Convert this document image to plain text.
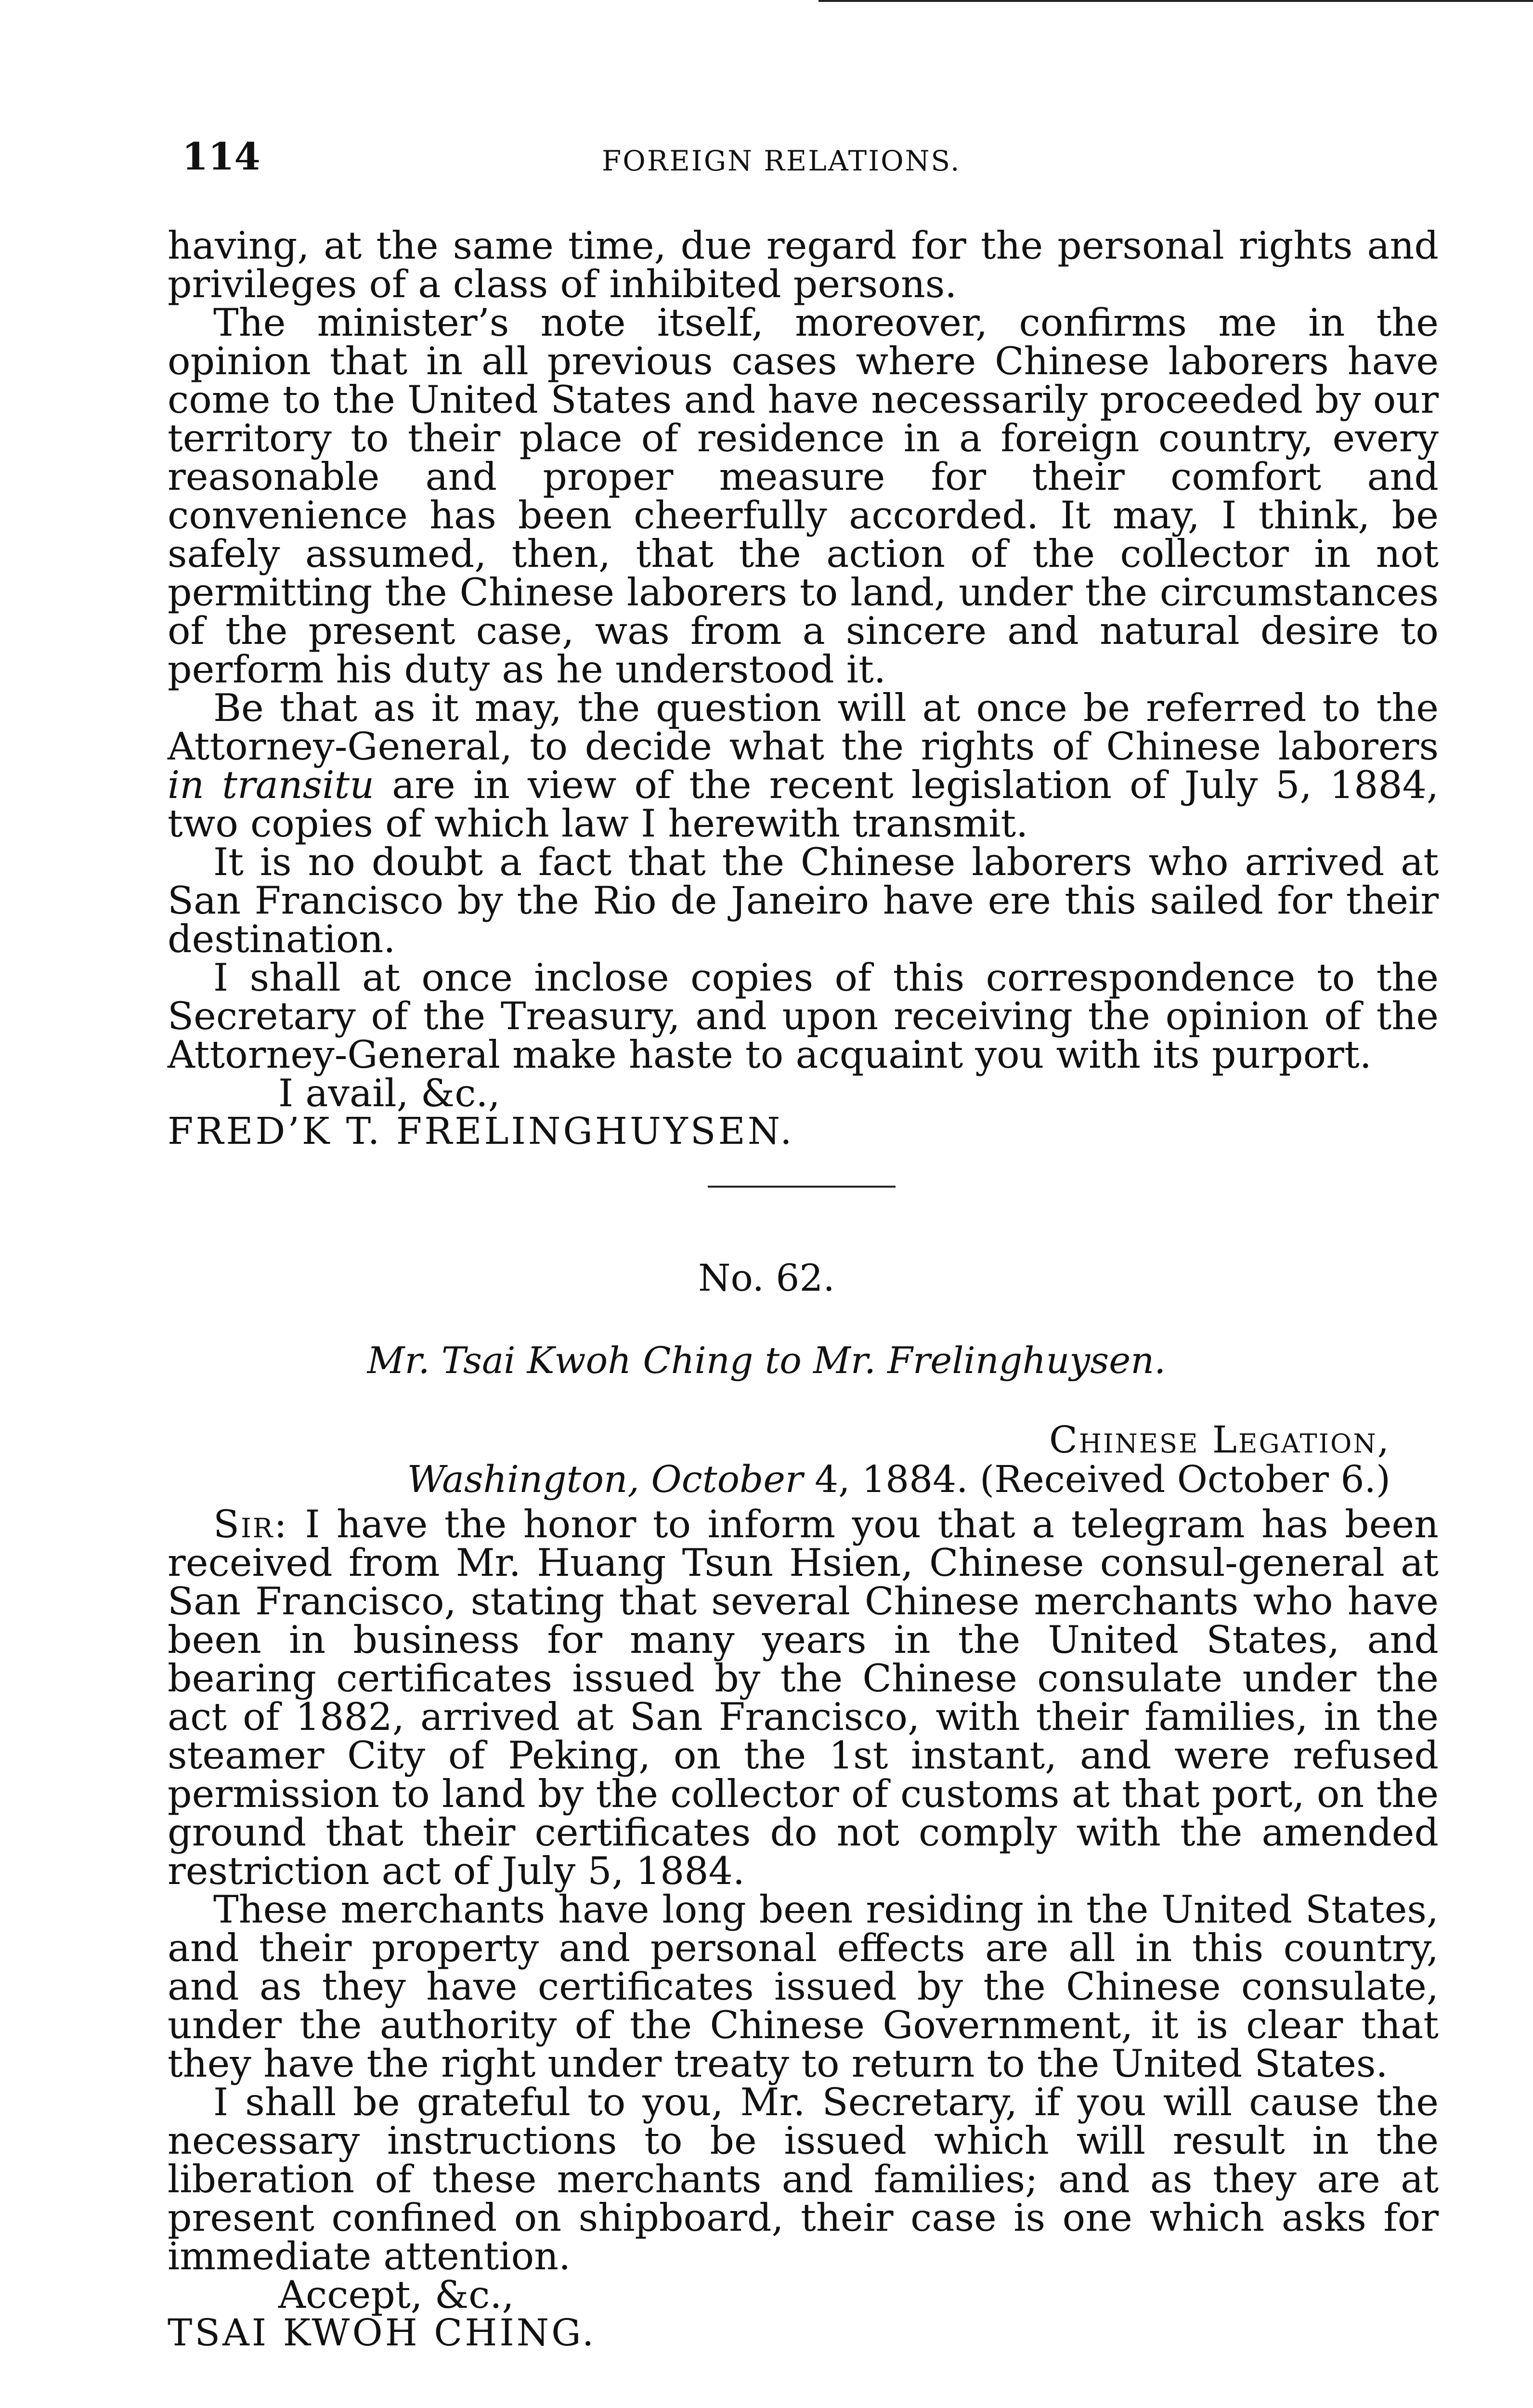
114	FOREIGN RELATIONS.

having, at the same time, due regard for the personal rights and privileges of a class of inhibited persons.

The minister’s note itself, moreover, confirms me in the opinion that in all previous cases where Chinese laborers have come to the United States and have necessarily proceeded by our territory to their place of residence in a foreign country, every reasonable and proper measure for their comfort and convenience has been cheerfully accorded. It may, I think, be safely assumed, then, that the action of the collector in not permitting the Chinese laborers to land, under the circumstances of the present case, was from a sincere and natural desire to perform his duty as he understood it.

Be that as it may, the question will at once be referred to the Attorney-General, to decide what the rights of Chinese laborers in transitu are in view of the recent legislation of July 5, 1884, two copies of which law I herewith transmit.

It is no doubt a fact that the Chinese laborers who arrived at San Francisco by the Rio de Janeiro have ere this sailed for their destination.

I shall at once inclose copies of this correspondence to the Secretary of the Treasury, and upon receiving the opinion of the Attorney-General make haste to acquaint you with its purport.

I avail, &c.,

FRED’K T. FRELINGHUYSEN.

No. 62.
Mr. Tsai Kwoh Ching to Mr. Frelinghuysen.
Chinese Legation,
Washington, October 4, 1884. (Received October 6.)

Sir: I have the honor to inform you that a telegram has been received from Mr. Huang Tsun Hsien, Chinese consul-general at San Francisco, stating that several Chinese merchants who have been in business for many years in the United States, and bearing certificates issued by the Chinese consulate under the act of 1882, arrived at San Francisco, with their families, in the steamer City of Peking, on the 1st instant, and were refused permission to land by the collector of customs at that port, on the ground that their certificates do not comply with the amended restriction act of July 5, 1884.

These merchants have long been residing in the United States, and their property and personal effects are all in this country, and as they have certificates issued by the Chinese consulate, under the authority of the Chinese Government, it is clear that they have the right under treaty to return to the United States.

I shall be grateful to you, Mr. Secretary, if you will cause the necessary instructions to be issued which will result in the liberation of these merchants and families; and as they are at present confined on shipboard, their case is one which asks for immediate attention.

Accept, &c.,

TSAI KWOH CHING.
